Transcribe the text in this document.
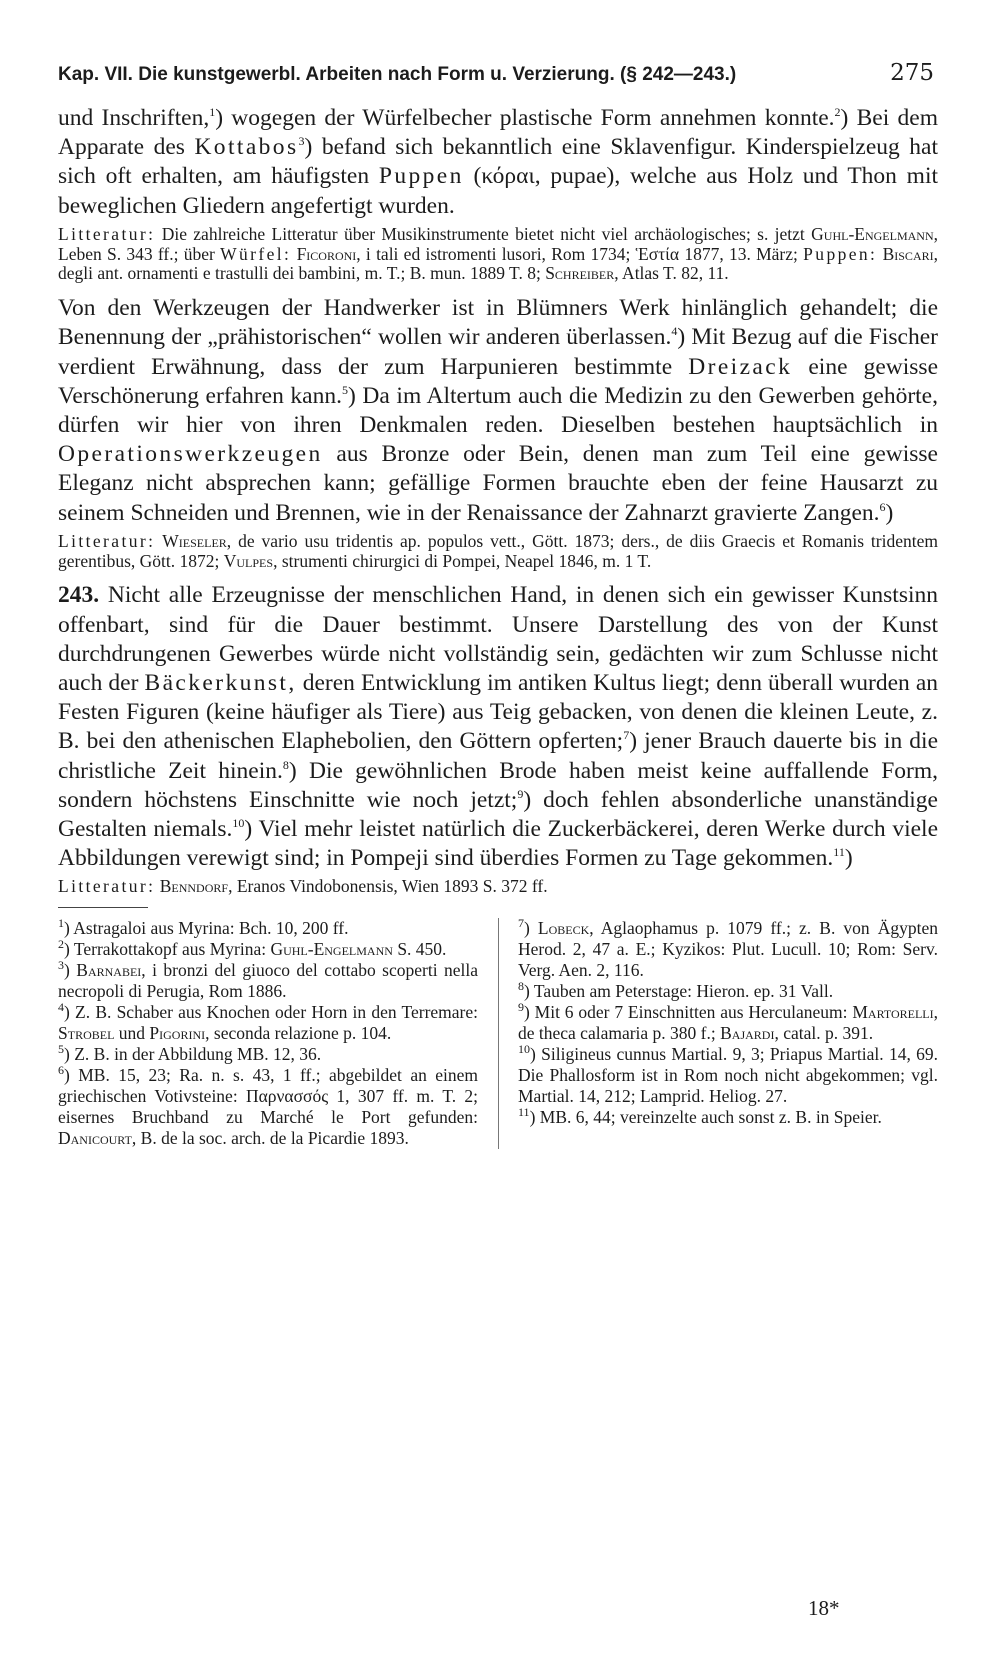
Kap. VII. Die kunstgewerbl. Arbeiten nach Form u. Verzierung. (§ 242—243.)	275

und Inschriften,$^1$) wogegen der Würfelbecher plastische Form annehmen konnte.$^2$) Bei dem Apparate des Kottabos$^3$) befand sich bekanntlich eine Sklavenfigur. Kinderspielzeug hat sich oft erhalten, am häufigsten Puppen (κόραι, pupae), welche aus Holz und Thon mit beweglichen Gliedern angefertigt wurden.

Litteratur: Die zahlreiche Litteratur über Musikinstrumente bietet nicht viel archäologisches; s. jetzt Guhl-Engelmann, Leben S. 343 ff.; über Würfel: Ficoroni, i tali ed istromenti lusori, Rom 1734; Ἑστία 1877, 13. März; Puppen: Biscari, degli ant. ornamenti e trastulli dei bambini, m. T.; B. mun. 1889 T. 8; Schreiber, Atlas T. 82, 11.

Von den Werkzeugen der Handwerker ist in Blümners Werk hinlänglich gehandelt; die Benennung der „prähistorischen“ wollen wir anderen überlassen.$^4$) Mit Bezug auf die Fischer verdient Erwähnung, dass der zum Harpunieren bestimmte Dreizack eine gewisse Verschönerung erfahren kann.$^5$) Da im Altertum auch die Medizin zu den Gewerben gehörte, dürfen wir hier von ihren Denkmalen reden. Dieselben bestehen hauptsächlich in Operationswerkzeugen aus Bronze oder Bein, denen man zum Teil eine gewisse Eleganz nicht absprechen kann; gefällige Formen brauchte eben der feine Hausarzt zu seinem Schneiden und Brennen, wie in der Renaissance der Zahnarzt gravierte Zangen.$^6$)

Litteratur: Wieseler, de vario usu tridentis ap. populos vett., Gött. 1873; ders., de diis Graecis et Romanis tridentem gerentibus, Gött. 1872; Vulpes, strumenti chirurgici di Pompei, Neapel 1846, m. 1 T.

243. Nicht alle Erzeugnisse der menschlichen Hand, in denen sich ein gewisser Kunstsinn offenbart, sind für die Dauer bestimmt. Unsere Darstellung des von der Kunst durchdrungenen Gewerbes würde nicht vollständig sein, gedächten wir zum Schlusse nicht auch der Bäckerkunst, deren Entwicklung im antiken Kultus liegt; denn überall wurden an Festen Figuren (keine häufiger als Tiere) aus Teig gebacken, von denen die kleinen Leute, z. B. bei den athenischen Elaphebolien, den Göttern opferten;$^7$) jener Brauch dauerte bis in die christliche Zeit hinein.$^8$) Die gewöhnlichen Brode haben meist keine auffallende Form, sondern höchstens Einschnitte wie noch jetzt;$^9$) doch fehlen absonderliche unanständige Gestalten niemals.$^{10}$) Viel mehr leistet natürlich die Zuckerbäckerei, deren Werke durch viele Abbildungen verewigt sind; in Pompeji sind überdies Formen zu Tage gekommen.$^{11}$)

Litteratur: Benndorf, Eranos Vindobonensis, Wien 1893 S. 372 ff.

$^1$) Astragaloi aus Myrina: Bch. 10, 200 ff.

$^2$) Terrakottakopf aus Myrina: Guhl-Engelmann S. 450.

$^3$) Barnabei, i bronzi del giuoco del cottabo scoperti nella necropoli di Perugia, Rom 1886.

$^4$) Z. B. Schaber aus Knochen oder Horn in den Terremare: Strobel und Pigorini, seconda relazione p. 104.

$^5$) Z. B. in der Abbildung MB. 12, 36.

$^6$) MB. 15, 23; Ra. n. s. 43, 1 ff.; abgebildet an einem griechischen Votivsteine: Παρνασσός 1, 307 ff. m. T. 2; eisernes Bruchband zu Marché le Port gefunden: Danicourt, B. de la soc. arch. de la Picardie 1893.

$^7$) Lobeck, Aglaophamus p. 1079 ff.; z. B. von Ägypten Herod. 2, 47 a. E.; Kyzikos: Plut. Lucull. 10; Rom: Serv. Verg. Aen. 2, 116.

$^8$) Tauben am Peterstage: Hieron. ep. 31 Vall.

$^9$) Mit 6 oder 7 Einschnitten aus Herculaneum: Martorelli, de theca calamaria p. 380 f.; Bajardi, catal. p. 391.

$^{10}$) Siligineus cunnus Martial. 9, 3; Priapus Martial. 14, 69. Die Phallosform ist in Rom noch nicht abgekommen; vgl. Martial. 14, 212; Lamprid. Heliog. 27.

$^{11}$) MB. 6, 44; vereinzelte auch sonst z. B. in Speier.

18*
